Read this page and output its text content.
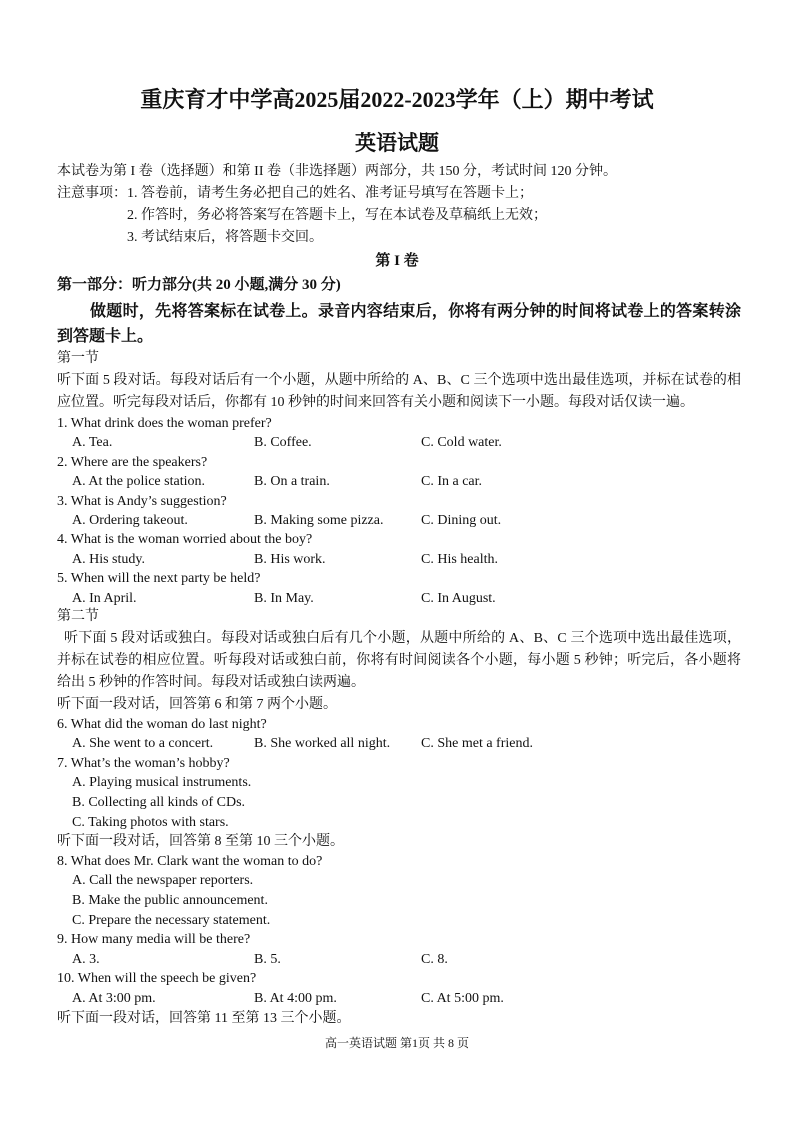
重庆育才中学高2025届2022-2023学年（上）期中考试
英语试题
本试卷为第 I 卷（选择题）和第 II 卷（非选择题）两部分，共 150 分，考试时间 120 分钟。
注意事项：1. 答卷前，请考生务必把自己的姓名、准考证号填写在答题卡上；
2. 作答时，务必将答案写在答题卡上，写在本试卷及草稿纸上无效；
3. 考试结束后，将答题卡交回。
第 I 卷
第一部分：听力部分(共 20 小题,满分 30 分)
做题时，先将答案标在试卷上。录音内容结束后，你将有两分钟的时间将试卷上的答案转涂到答题卡上。
第一节
听下面 5 段对话。每段对话后有一个小题，从题中所给的 A、B、C 三个选项中选出最佳选项，并标在试卷的相应位置。听完每段对话后，你都有 10 秒钟的时间来回答有关小题和阅读下一小题。每段对话仅读一遍。
1. What drink does the woman prefer?
A. Tea.	B. Coffee.	C. Cold water.
2. Where are the speakers?
A. At the police station.	B. On a train.	C. In a car.
3. What is Andy’s suggestion?
A. Ordering takeout.	B. Making some pizza.	C. Dining out.
4. What is the woman worried about the boy?
A. His study.	B. His work.	C. His health.
5. When will the next party be held?
A. In April.	B. In May.	C. In August.
第二节
听下面 5 段对话或独白。每段对话或独白后有几个小题，从题中所给的 A、B、C 三个选项中选出最佳选项，并标在试卷的相应位置。听每段对话或独白前，你将有时间阅读各个小题，每小题 5 秒钟；听完后，各小题将给出 5 秒钟的作答时间。每段对话或独白读两遍。
听下面一段对话，回答第 6 和第 7 两个小题。
6. What did the woman do last night?
A. She went to a concert.	B. She worked all night.	C. She met a friend.
7. What’s the woman’s hobby?
A. Playing musical instruments.
B. Collecting all kinds of CDs.
C. Taking photos with stars.
听下面一段对话，回答第 8 至第 10 三个小题。
8. What does Mr. Clark want the woman to do?
A. Call the newspaper reporters.
B. Make the public announcement.
C. Prepare the necessary statement.
9. How many media will be there?
A. 3.	B. 5.	C. 8.
10. When will the speech be given?
A. At 3:00 pm.	B. At 4:00 pm.	C. At 5:00 pm.
听下面一段对话，回答第 11 至第 13 三个小题。
高一英语试题 第1页 共 8 页
